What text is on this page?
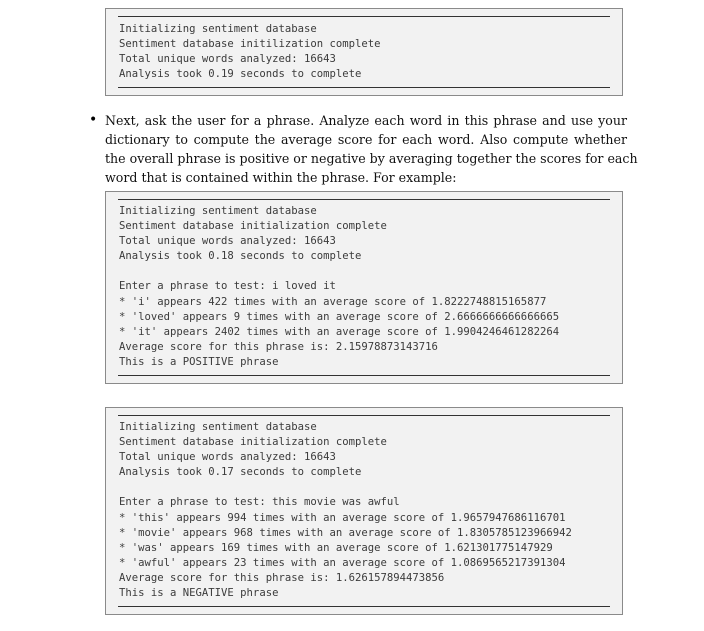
Initializing sentiment database
Sentiment database initilization complete
Total unique words analyzed: 16643
Analysis took 0.19 seconds to complete
• Next, ask the user for a phrase. Analyze each word in this phrase and use your
dictionary to compute the average score for each word. Also compute whether
the overall phrase is positive or negative by averaging together the scores for each
word that is contained within the phrase. For example:
Initializing sentiment database
Sentiment database initialization complete
Total unique words analyzed: 16643
Analysis took 0.18 seconds to complete
Enter a phrase to test: i loved it
* 'i' appears 422 times with an average score of 1.8222748815165877
* 'loved' appears 9 times with an average score of 2.6666666666666665
* 'it' appears 2402 times with an average score of 1.9904246461282264
Average score for this phrase is: 2.15978873143716
This is a POSITIVE phrase
Initializing sentiment database
Sentiment database initialization complete
Total unique words analyzed: 16643
Analysis took 0.17 seconds to complete
Enter a phrase to test: this movie was awful
* 'this' appears 994 times with an average score of 1.9657947686116701
* 'movie' appears 968 times with an average score of 1.8305785123966942
* 'was' appears 169 times with an average score of 1.621301775147929
* 'awful' appears 23 times with an average score of 1.0869565217391304
Average score for this phrase is: 1.626157894473856
This is a NEGATIVE phrase
